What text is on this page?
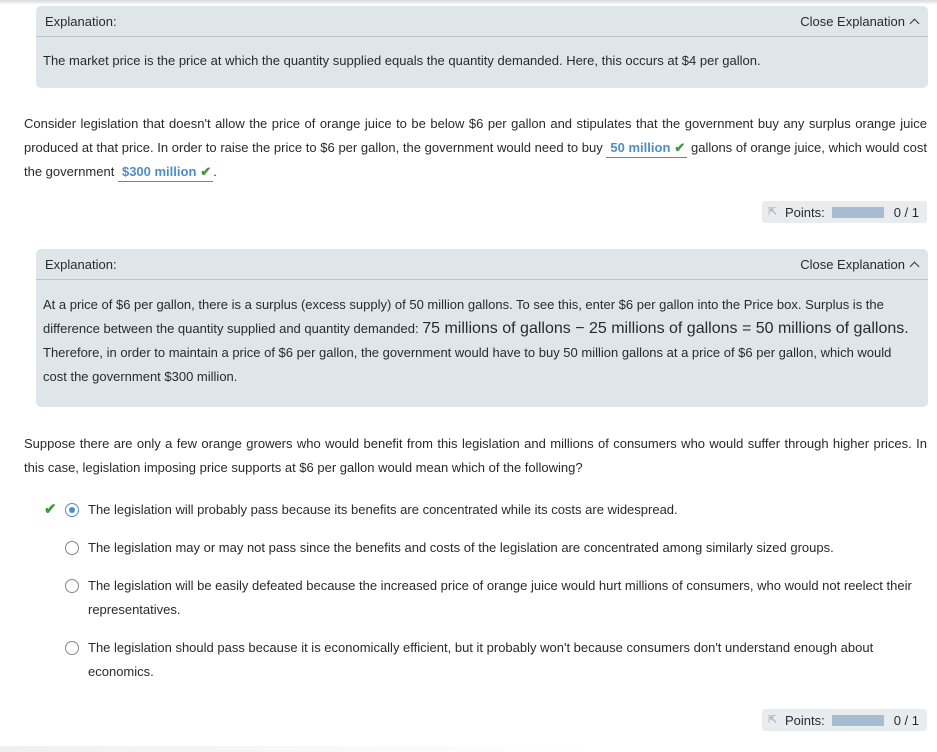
Explanation:	Close Explanation
The market price is the price at which the quantity supplied equals the quantity demanded. Here, this occurs at $4 per gallon.
Consider legislation that doesn't allow the price of orange juice to be below $6 per gallon and stipulates that the government buy any surplus orange juice produced at that price. In order to raise the price to $6 per gallon, the government would need to buy 50 million ✔ gallons of orange juice, which would cost the government $300 million ✔ .
⇱ Points:	0 / 1
Explanation:	Close Explanation
At a price of $6 per gallon, there is a surplus (excess supply) of 50 million gallons. To see this, enter $6 per gallon into the Price box. Surplus is the difference between the quantity supplied and quantity demanded: 75 millions of gallons − 25 millions of gallons = 50 millions of gallons. Therefore, in order to maintain a price of $6 per gallon, the government would have to buy 50 million gallons at a price of $6 per gallon, which would cost the government $300 million.
Suppose there are only a few orange growers who would benefit from this legislation and millions of consumers who would suffer through higher prices. In this case, legislation imposing price supports at $6 per gallon would mean which of the following?
✔ The legislation will probably pass because its benefits are concentrated while its costs are widespread.
The legislation may or may not pass since the benefits and costs of the legislation are concentrated among similarly sized groups.
The legislation will be easily defeated because the increased price of orange juice would hurt millions of consumers, who would not reelect their representatives.
The legislation should pass because it is economically efficient, but it probably won't because consumers don't understand enough about economics.
⇱ Points:	0 / 1
